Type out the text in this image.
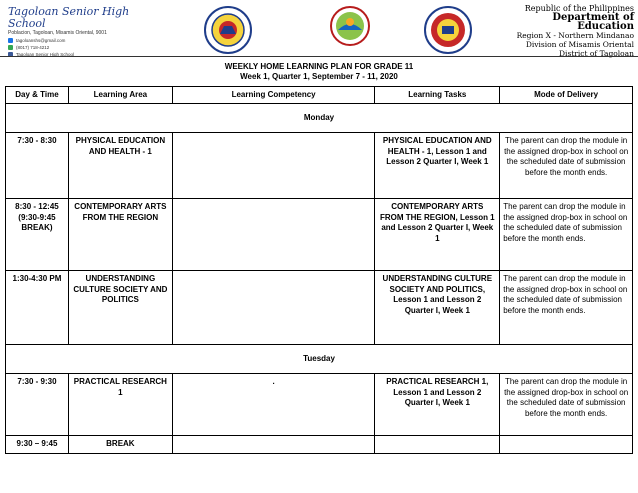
Tagoloan Senior High School
Poblacion, Tagoloan, Misamis Oriental, 9001
tagoloanshs@gmail.com
(8017) 718-4212
Tagoloan Senior High School
Republic of the Philippines
Department of Education
Region X - Northern Mindanao
Division of Misamis Oriental
District of Tagoloan
WEEKLY HOME LEARNING PLAN FOR GRADE 11
Week 1, Quarter 1, September 7 - 11, 2020
Day & Time	Learning Area	Learning Competency	Learning Tasks	Mode of Delivery
Monday				
7:30 - 8:30	PHYSICAL EDUCATION AND HEALTH - 1		PHYSICAL EDUCATION AND HEALTH - 1, Lesson 1 and Lesson 2 Quarter I, Week 1	The parent can drop the module in the assigned drop-box in school on the scheduled date of submission before the month ends.
8:30 - 12:45 (9:30-9:45 BREAK)	CONTEMPORARY ARTS FROM THE REGION		CONTEMPORARY ARTS FROM THE REGION, Lesson 1 and Lesson 2 Quarter I, Week 1	The parent can drop the module in the assigned drop-box in school on the scheduled date of submission before the month ends.
1:30-4:30 PM	UNDERSTANDING CULTURE SOCIETY AND POLITICS		UNDERSTANDING CULTURE SOCIETY AND POLITICS, Lesson 1 and Lesson 2 Quarter I, Week 1	The parent can drop the module in the assigned drop-box in school on the scheduled date of submission before the month ends.
Tuesday				
7:30 - 9:30	PRACTICAL RESEARCH 1	.	PRACTICAL RESEARCH 1, Lesson 1 and Lesson 2 Quarter I, Week 1	The parent can drop the module in the assigned drop-box in school on the scheduled date of submission before the month ends.
9:30 – 9:45	BREAK			
